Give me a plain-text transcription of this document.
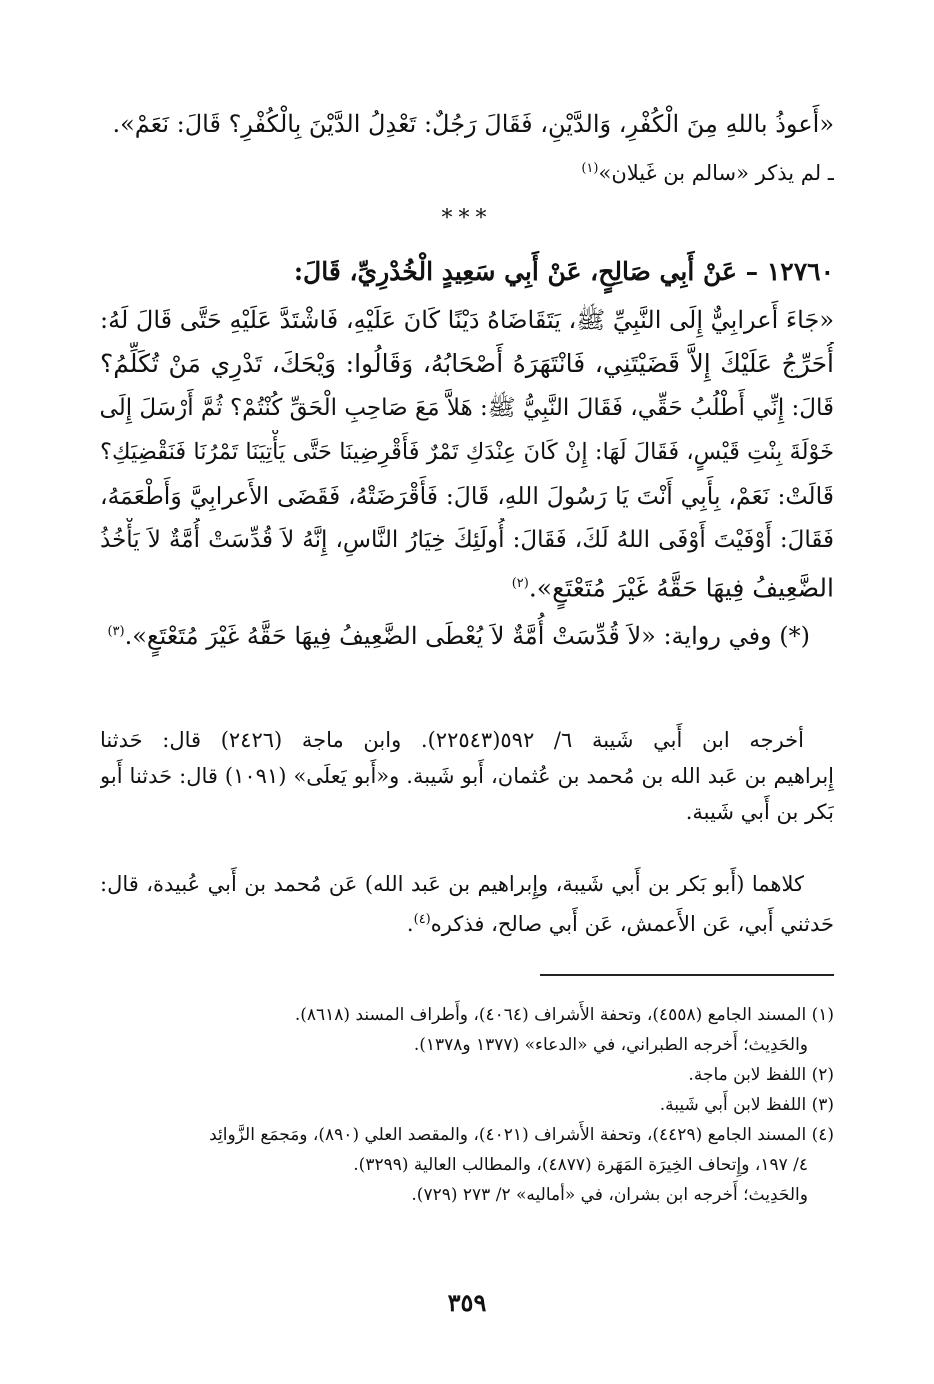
«أَعوذُ باللهِ مِنَ الْكُفْرِ، وَالدَّيْنِ، فَقَالَ رَجُلٌ: تَعْدِلُ الدَّيْنَ بِالْكُفْرِ؟ قَالَ: نَعَمْ».

ـ لم يذكر «سالم بن غَيلان»$^{(١)}$

***

١٢٧٦٠ – عَنْ أَبِي صَالِحٍ، عَنْ أَبِي سَعِيدٍ الْخُدْرِيِّ، قَالَ:

«جَاءَ أَعرابِيٌّ إِلَى النَّبِيِّ ﷺ، يَتَقَاضَاهُ دَيْنًا كَانَ عَلَيْهِ، فَاشْتَدَّ عَلَيْهِ حَتَّى قَالَ لَهُ:

أُحَرِّجُ عَلَيْكَ إِلاَّ قَضَيْتَنِي، فَانْتَهَرَهُ أَصْحَابُهُ، وَقَالُوا: وَيْحَكَ، تَدْرِي مَنْ تُكَلِّمُ؟

قَالَ: إِنِّي أَطْلُبُ حَقِّي، فَقَالَ النَّبِيُّ ﷺ: هَلاَّ مَعَ صَاحِبِ الْحَقِّ كُنْتُمْ؟ ثُمَّ أَرْسَلَ إِلَى

خَوْلَةَ بِنْتِ قَيْسٍ، فَقَالَ لَهَا: إِنْ كَانَ عِنْدَكِ تَمْرٌ فَأَقْرِضِينَا حَتَّى يَأْتِيَنَا تَمْرُنَا فَنَقْضِيَكِ؟

قَالَتْ: نَعَمْ، بِأَبِي أَنْتَ يَا رَسُولَ اللهِ، قَالَ: فَأَقْرَضَتْهُ، فَقَضَى الأَعرابِيَّ وَأَطْعَمَهُ،

فَقَالَ: أَوْفَيْتَ أَوْفَى اللهُ لَكَ، فَقَالَ: أُولَئِكَ خِيَارُ النَّاسِ، إِنَّهُ لاَ قُدِّسَتْ أُمَّةٌ لاَ يَأْخُذُ

الضَّعِيفُ فِيهَا حَقَّهُ غَيْرَ مُتَعْتَعٍ».$^{(٢)}$

(*) وفي رواية: «لاَ قُدِّسَتْ أُمَّةٌ لاَ يُعْطَى الضَّعِيفُ فِيهَا حَقَّهُ غَيْرَ مُتَعْتَعٍ».$^{(٣)}$

أخرجه ابن أَبي شَيبة ٦/ ٥٩٢(٢٢٥٤٣). وابن ماجة (٢٤٢٦) قال: حَدثنا

إِبراهيم بن عَبد الله بن مُحمد بن عُثمان، أَبو شَيبة. و«أَبو يَعلَى» (١٠٩١) قال: حَدثنا أَبو

بَكر بن أَبي شَيبة.

كلاهما (أَبو بَكر بن أَبي شَيبة، وإِبراهيم بن عَبد الله) عَن مُحمد بن أَبي عُبيدة، قال:

حَدثني أَبي، عَن الأَعمش، عَن أَبي صالح، فذكره$^{(٤)}$.

(١) المسند الجامع (٤٥٥٨)، وتحفة الأَشراف (٤٠٦٤)، وأَطراف المسند (٨٦١٨).

والحَدِيث؛ أَخرجه الطبراني، في «الدعاء» (١٣٧٧ و١٣٧٨).

(٢) اللفظ لابن ماجة.

(٣) اللفظ لابن أَبي شَيبة.

(٤) المسند الجامع (٤٤٢٩)، وتحفة الأَشراف (٤٠٢١)، والمقصد العلي (٨٩٠)، ومَجمَع الزَّوائِد

٤/ ١٩٧، وإِتحاف الخِيرَة المَهَرة (٤٨٧٧)، والمطالب العالية (٣٢٩٩).

والحَدِيث؛ أَخرجه ابن بشران، في «أماليه» ٢/ ٢٧٣ (٧٢٩).

٣٥٩
